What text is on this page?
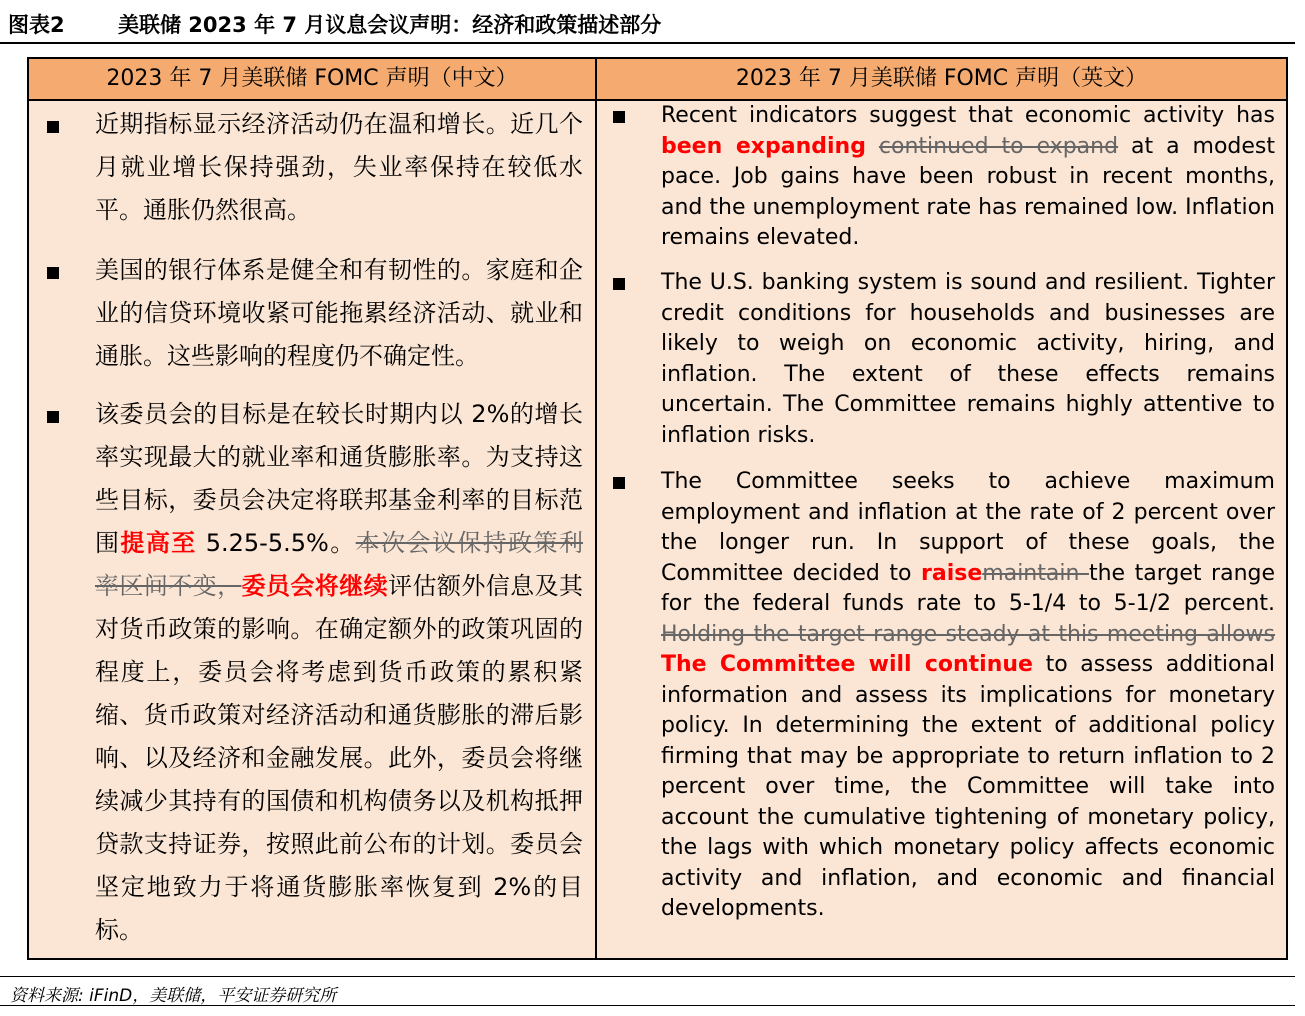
图表2	美联储 2023 年 7 月议息会议声明：经济和政策描述部分
2023 年 7 月美联储 FOMC 声明（中文）	2023 年 7 月美联储 FOMC 声明（英文）
近期指标显示经济活动仍在温和增长。近几个月就业增长保持强劲，失业率保持在较低水平。通胀仍然很高。
美国的银行体系是健全和有韧性的。家庭和企业的信贷环境收紧可能拖累经济活动、就业和通胀。这些影响的程度仍不确定性。
该委员会的目标是在较长时期内以 2%的增长率实现最大的就业率和通货膨胀率。为支持这些目标，委员会决定将联邦基金利率的目标范围提高至 5.25-5.5%。本次会议保持政策利率区间不变，委员会将继续评估额外信息及其对货币政策的影响。在确定额外的政策巩固的程度上，委员会将考虑到货币政策的累积紧缩、货币政策对经济活动和通货膨胀的滞后影响、以及经济和金融发展。此外，委员会将继续减少其持有的国债和机构债务以及机构抵押贷款支持证券，按照此前公布的计划。委员会坚定地致力于将通货膨胀率恢复到 2%的目标。
Recent indicators suggest that economic activity has been expanding continued to expand at a modest pace. Job gains have been robust in recent months, and the unemployment rate has remained low. Inflation remains elevated.
The U.S. banking system is sound and resilient. Tighter credit conditions for households and businesses are likely to weigh on economic activity, hiring, and inflation. The extent of these effects remains uncertain. The Committee remains highly attentive to inflation risks.
The Committee seeks to achieve maximum employment and inflation at the rate of 2 percent over the longer run. In support of these goals, the Committee decided to raisemaintain the target range for the federal funds rate to 5-1/4 to 5-1/2 percent. Holding the target range steady at this meeting allows The Committee will continue to assess additional information and assess its implications for monetary policy. In determining the extent of additional policy firming that may be appropriate to return inflation to 2 percent over time, the Committee will take into account the cumulative tightening of monetary policy, the lags with which monetary policy affects economic activity and inflation, and economic and financial developments.
资料来源: iFinD，美联储，平安证券研究所
